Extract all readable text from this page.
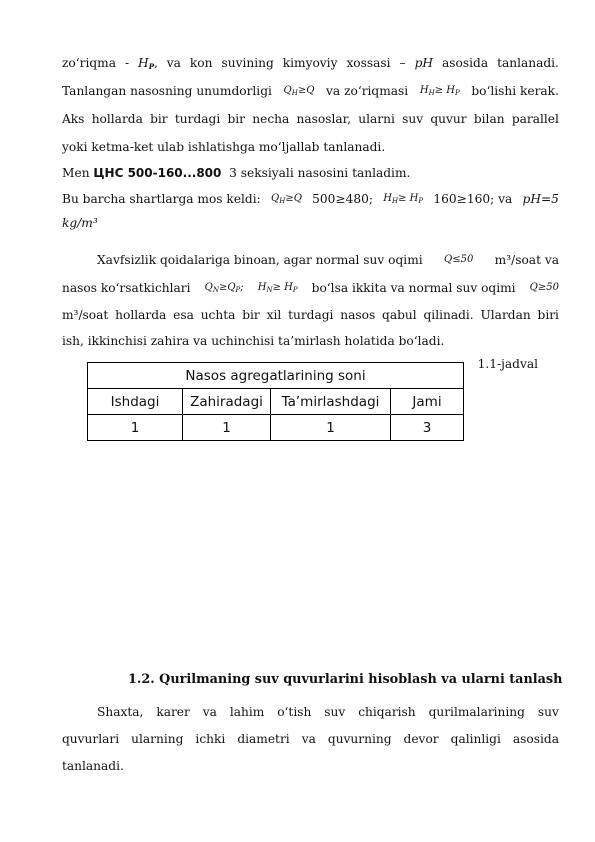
zo‘riqma - $H_P$, va kon suvining kimyoviy xossasi – pH asosida tanlanadi.
Tanlangan nasosning unumdorligi $Q_H\ge Q$ va zo‘riqmasi $H_H\ge H_P$ bo‘lishi kerak.
Aks hollarda bir turdagi bir necha nasoslar, ularni suv quvur bilan parallel
yoki ketma-ket ulab ishlatishga mo‘ljallab tanlanadi.
Men ЦНС 500-160...800 3 seksiyali nasosini tanladim.
Bu barcha shartlarga mos keldi: $Q_H\ge Q$ 500≥480; $H_H\ge H_P$ 160≥160; va pH=5
kg/m³
Xavfsizlik qoidalariga binoan, agar normal suv oqimi Q≤50 m³/soat va
nasos ko‘rsatkichlari $Q_N\ge Q_P$; $H_N\ge H_P$ bo‘lsa ikkita va normal suv oqimi Q≥50
m³/soat hollarda esa uchta bir xil turdagi nasos qabul qilinadi. Ulardan biri
ish, ikkinchisi zahira va uchinchisi ta’mirlash holatida bo‘ladi.
1.1-jadval
Nasos agregatlarining soni			
Ishdagi	Zahiradagi	Ta’mirlashdagi	Jami
1	1	1	3
1.2. Qurilmaning suv quvurlarini hisoblash va ularni tanlash
Shaxta, karer va lahim o‘tish suv chiqarish qurilmalarining suv
quvurlari ularning ichki diametri va quvurning devor qalinligi asosida
tanlanadi.
